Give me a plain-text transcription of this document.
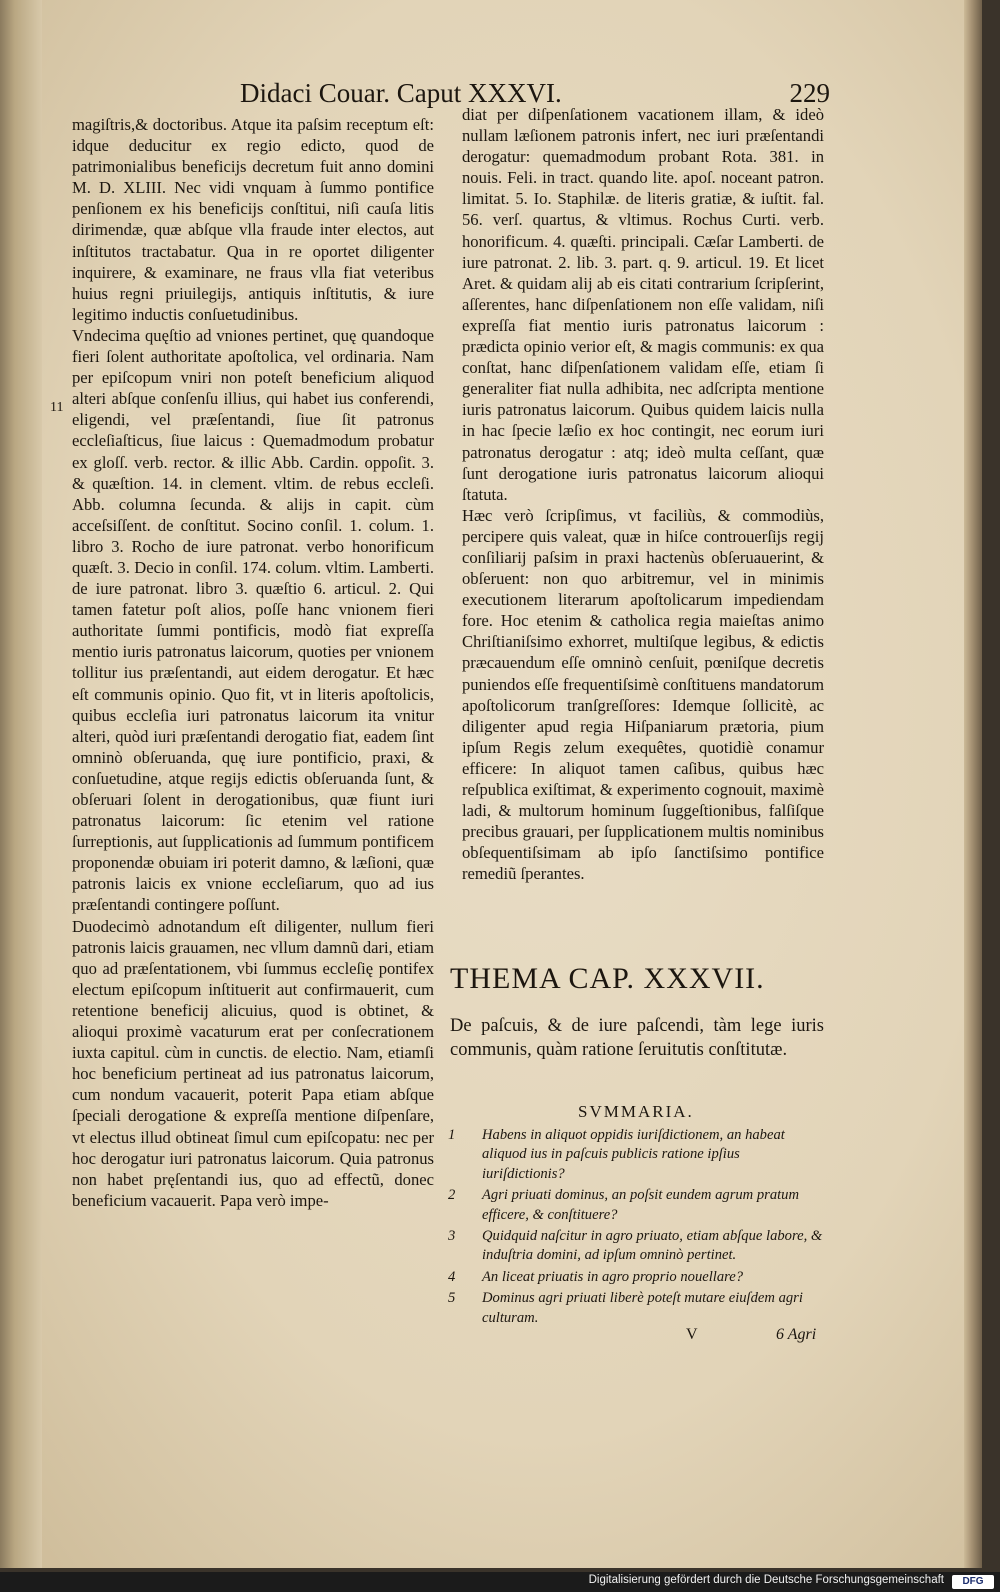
Didaci Couar. Caput XXXVI.	229

magiſtris,& doctoribus. Atque ita paſsim receptum eſt: idque deducitur ex regio edicto, quod de patrimonialibus beneficijs decretum fuit anno domini M. D. XLIII. Nec vidi vnquam à ſummo pontifice penſionem ex his beneficijs conſtitui, niſi cauſa litis dirimendæ, quæ abſque vlla fraude inter electos, aut inſtitutos tractabatur. Qua in re oportet diligenter inquirere, & examinare, ne fraus vlla fiat veteribus huius regni priuilegijs, antiquis inſtitutis, & iure legitimo inductis conſuetudinibus.

Vndecima quęſtio ad vniones pertinet, quę quandoque fieri ſolent authoritate apoſtolica, vel ordinaria. Nam per epiſcopum vniri non poteſt beneficium aliquod alteri abſque conſenſu illius, qui habet ius conferendi, eligendi, vel præſentandi, ſiue ſit patronus eccleſiaſticus, ſiue laicus : Quemadmodum probatur ex gloſſ. verb. rector. & illic Abb. Cardin. oppoſit. 3. & quæſtion. 14. in clement. vltim. de rebus eccleſi. Abb. columna ſecunda. & alijs in capit. cùm acceſsiſſent. de conſtitut. Socino conſil. 1. colum. 1. libro 3. Rocho de iure patronat. verbo honorificum quæſt. 3. Decio in conſil. 174. colum. vltim. Lamberti. de iure patronat. libro 3. quæſtio 6. articul. 2. Qui tamen fatetur poſt alios, poſſe hanc vnionem fieri authoritate ſummi pontificis, modò fiat expreſſa mentio iuris patronatus laicorum, quoties per vnionem tollitur ius præſentandi, aut eidem derogatur. Et hæc eſt communis opinio. Quo fit, vt in literis apoſtolicis, quibus eccleſia iuri patronatus laicorum ita vnitur alteri, quòd iuri præſentandi derogatio fiat, eadem ſint omninò obſeruanda, quę iure pontificio, praxi, & conſuetudine, atque regijs edictis obſeruanda ſunt, & obſeruari ſolent in derogationibus, quæ fiunt iuri patronatus laicorum: ſic etenim vel ratione ſurreptionis, aut ſupplicationis ad ſummum pontificem proponendæ obuiam iri poterit damno, & læſioni, quæ patronis laicis ex vnione eccleſiarum, quo ad ius præſentandi contingere poſſunt.

Duodecimò adnotandum eſt diligenter, nullum fieri patronis laicis grauamen, nec vllum damnũ dari, etiam quo ad præſentationem, vbi ſummus eccleſię pontifex electum epiſcopum inſtituerit aut confirmauerit, cum retentione beneficij alicuius, quod is obtinet, & alioqui proximè vacaturum erat per conſecrationem iuxta capitul. cùm in cunctis. de electio. Nam, etiamſi hoc beneficium pertineat ad ius patronatus laicorum, cum nondum vacauerit, poterit Papa etiam abſque ſpeciali derogatione & expreſſa mentione diſpenſare, vt electus illud obtineat ſimul cum epiſcopatu: nec per hoc derogatur iuri patronatus laicorum. Quia patronus non habet pręſentandi ius, quo ad effectũ, donec beneficium vacauerit. Papa verò impe-

11

diat per diſpenſationem vacationem illam, & ideò nullam læſionem patronis infert, nec iuri præſentandi derogatur: quemadmodum probant Rota. 381. in nouis. Feli. in tract. quando lite. apoſ. noceant patron. limitat. 5. Io. Staphilæ. de literis gratiæ, & iuſtit. fal. 56. verſ. quartus, & vltimus. Rochus Curti. verb. honorificum. 4. quæſti. principali. Cæſar Lamberti. de iure patronat. 2. lib. 3. part. q. 9. articul. 19. Et licet Aret. & quidam alij ab eis citati contrarium ſcripſerint, aſſerentes, hanc diſpenſationem non eſſe validam, niſi expreſſa fiat mentio iuris patronatus laicorum : prædicta opinio verior eſt, & magis communis: ex qua conſtat, hanc diſpenſationem validam eſſe, etiam ſi generaliter fiat nulla adhibita, nec adſcripta mentione iuris patronatus laicorum. Quibus quidem laicis nulla in hac ſpecie læſio ex hoc contingit, nec eorum iuri patronatus derogatur : atq; ideò multa ceſſant, quæ ſunt derogatione iuris patronatus laicorum alioqui ſtatuta.

Hæc verò ſcripſimus, vt faciliùs, & commodiùs, percipere quis valeat, quæ in hiſce controuerſijs regij conſiliarij paſsim in praxi hactenùs obſeruauerint, & obſeruent: non quo arbitremur, vel in minimis executionem literarum apoſtolicarum impediendam fore. Hoc etenim & catholica regia maieſtas animo Chriſtianiſsimo exhorret, multiſque legibus, & edictis præcauendum eſſe omninò cenſuit, pœniſque decretis puniendos eſſe frequentiſsimè conſtituens mandatorum apoſtolicorum tranſgreſſores: Idemque ſollicitè, ac diligenter apud regia Hiſpaniarum prætoria, pium ipſum Regis zelum exequêtes, quotidiè conamur efficere: In aliquot tamen caſibus, quibus hæc reſpublica exiſtimat, & experimento cognouit, maximè ladi, & multorum hominum ſuggeſtionibus, falſiſque precibus grauari, per ſupplicationem multis nominibus obſequentiſsimam ab ipſo ſanctiſsimo pontifice remediũ ſperantes.

THEMA CAP. XXXVII.
De paſcuis, & de iure paſcendi, tàm lege iuris communis, quàm ratione ſeruitutis conſtitutæ.
SVMMARIA.
1	Habens in aliquot oppidis iuriſdictionem, an habeat aliquod ius in paſcuis publicis ratione ipſius iuriſdictionis?
2	Agri priuati dominus, an poſsit eundem agrum pratum efficere, & conſtituere?
3	Quidquid naſcitur in agro priuato, etiam abſque labore, & induſtria domini, ad ipſum omninò pertinet.
4	An liceat priuatis in agro proprio nouellare?
5	Dominus agri priuati liberè poteſt mutare eiuſdem agri culturam.
V	6 Agri
Digitalisierung gefördert durch die Deutsche Forschungsgemeinschaft	DFG
